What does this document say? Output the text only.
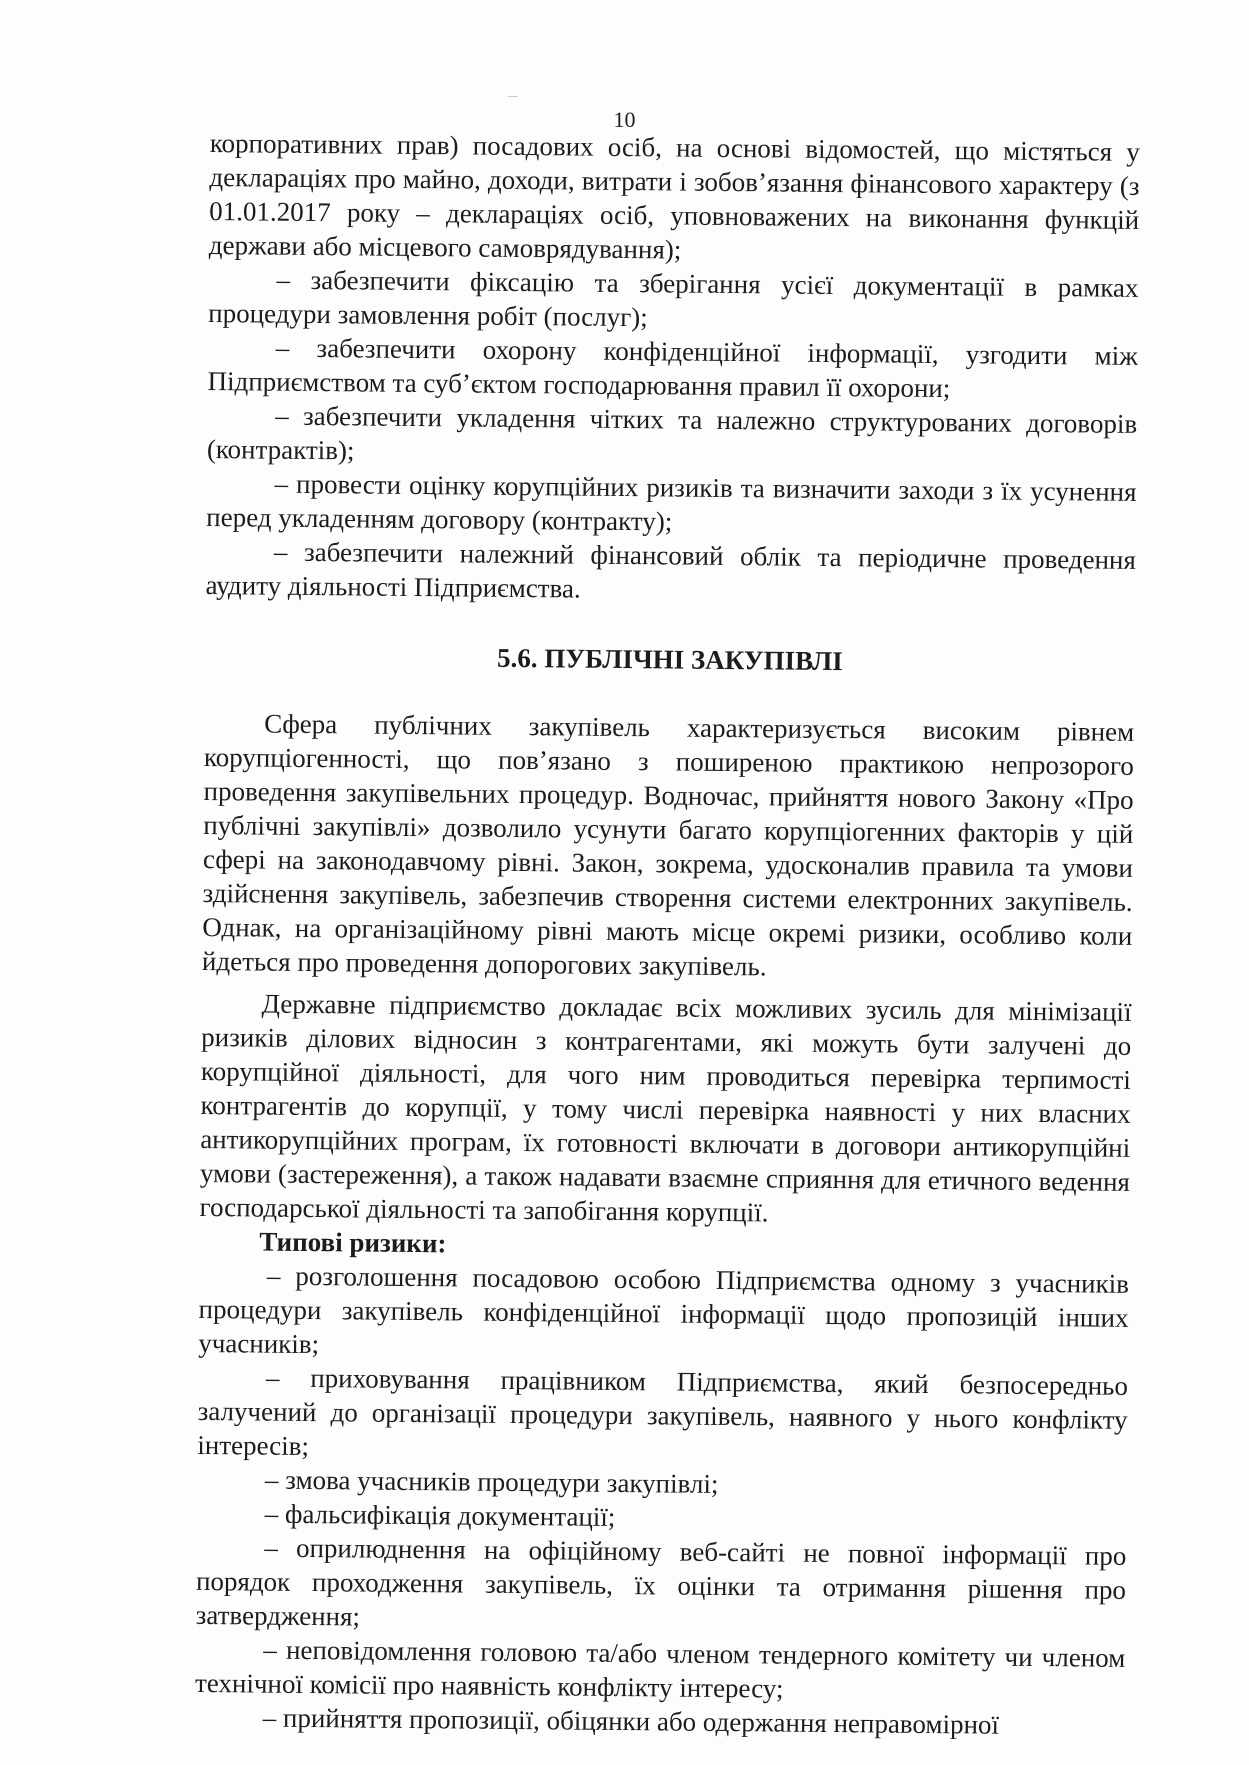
10

корпоративних прав) посадових осіб, на основі відомостей, що містяться у деклараціях про майно, доходи, витрати і зобов’язання фінансового характеру (з 01.01.2017 року – деклараціях осіб, уповноважених на виконання функцій держави або місцевого самоврядування);

– забезпечити фіксацію та зберігання усієї документації в рамках процедури замовлення робіт (послуг);

– забезпечити охорону конфіденційної інформації, узгодити між Підприємством та суб’єктом господарювання правил її охорони;

– забезпечити укладення чітких та належно структурованих договорів (контрактів);

– провести оцінку корупційних ризиків та визначити заходи з їх усунення перед укладенням договору (контракту);

– забезпечити належний фінансовий облік та періодичне проведення аудиту діяльності Підприємства.

5.6. ПУБЛІЧНІ ЗАКУПІВЛІ

Сфера публічних закупівель характеризується високим рівнем корупціогенності, що пов’язано з поширеною практикою непрозорого проведення закупівельних процедур. Водночас, прийняття нового Закону «Про публічні закупівлі» дозволило усунути багато корупціогенних факторів у цій сфері на законодавчому рівні. Закон, зокрема, удосконалив правила та умови здійснення закупівель, забезпечив створення системи електронних закупівель. Однак, на організаційному рівні мають місце окремі ризики, особливо коли йдеться про проведення допорогових закупівель.

Державне підприємство докладає всіх можливих зусиль для мінімізації ризиків ділових відносин з контрагентами, які можуть бути залучені до корупційної діяльності, для чого ним проводиться перевірка терпимості контрагентів до корупції, у тому числі перевірка наявності у них власних антикорупційних програм, їх готовності включати в договори антикорупційні умови (застереження), а також надавати взаємне сприяння для етичного ведення господарської діяльності та запобігання корупції.

Типові ризики:

– розголошення посадовою особою Підприємства одному з учасників процедури закупівель конфіденційної інформації щодо пропозицій інших учасників;

– приховування працівником Підприємства, який безпосередньо залучений до організації процедури закупівель, наявного у нього конфлікту інтересів;

– змова учасників процедури закупівлі;

– фальсифікація документації;

– оприлюднення на офіційному веб-сайті не повної інформації про порядок проходження закупівель, їх оцінки та отримання рішення про затвердження;

– неповідомлення головою та/або членом тендерного комітету чи членом технічної комісії про наявність конфлікту інтересу;

– прийняття пропозиції, обіцянки або одержання неправомірної
